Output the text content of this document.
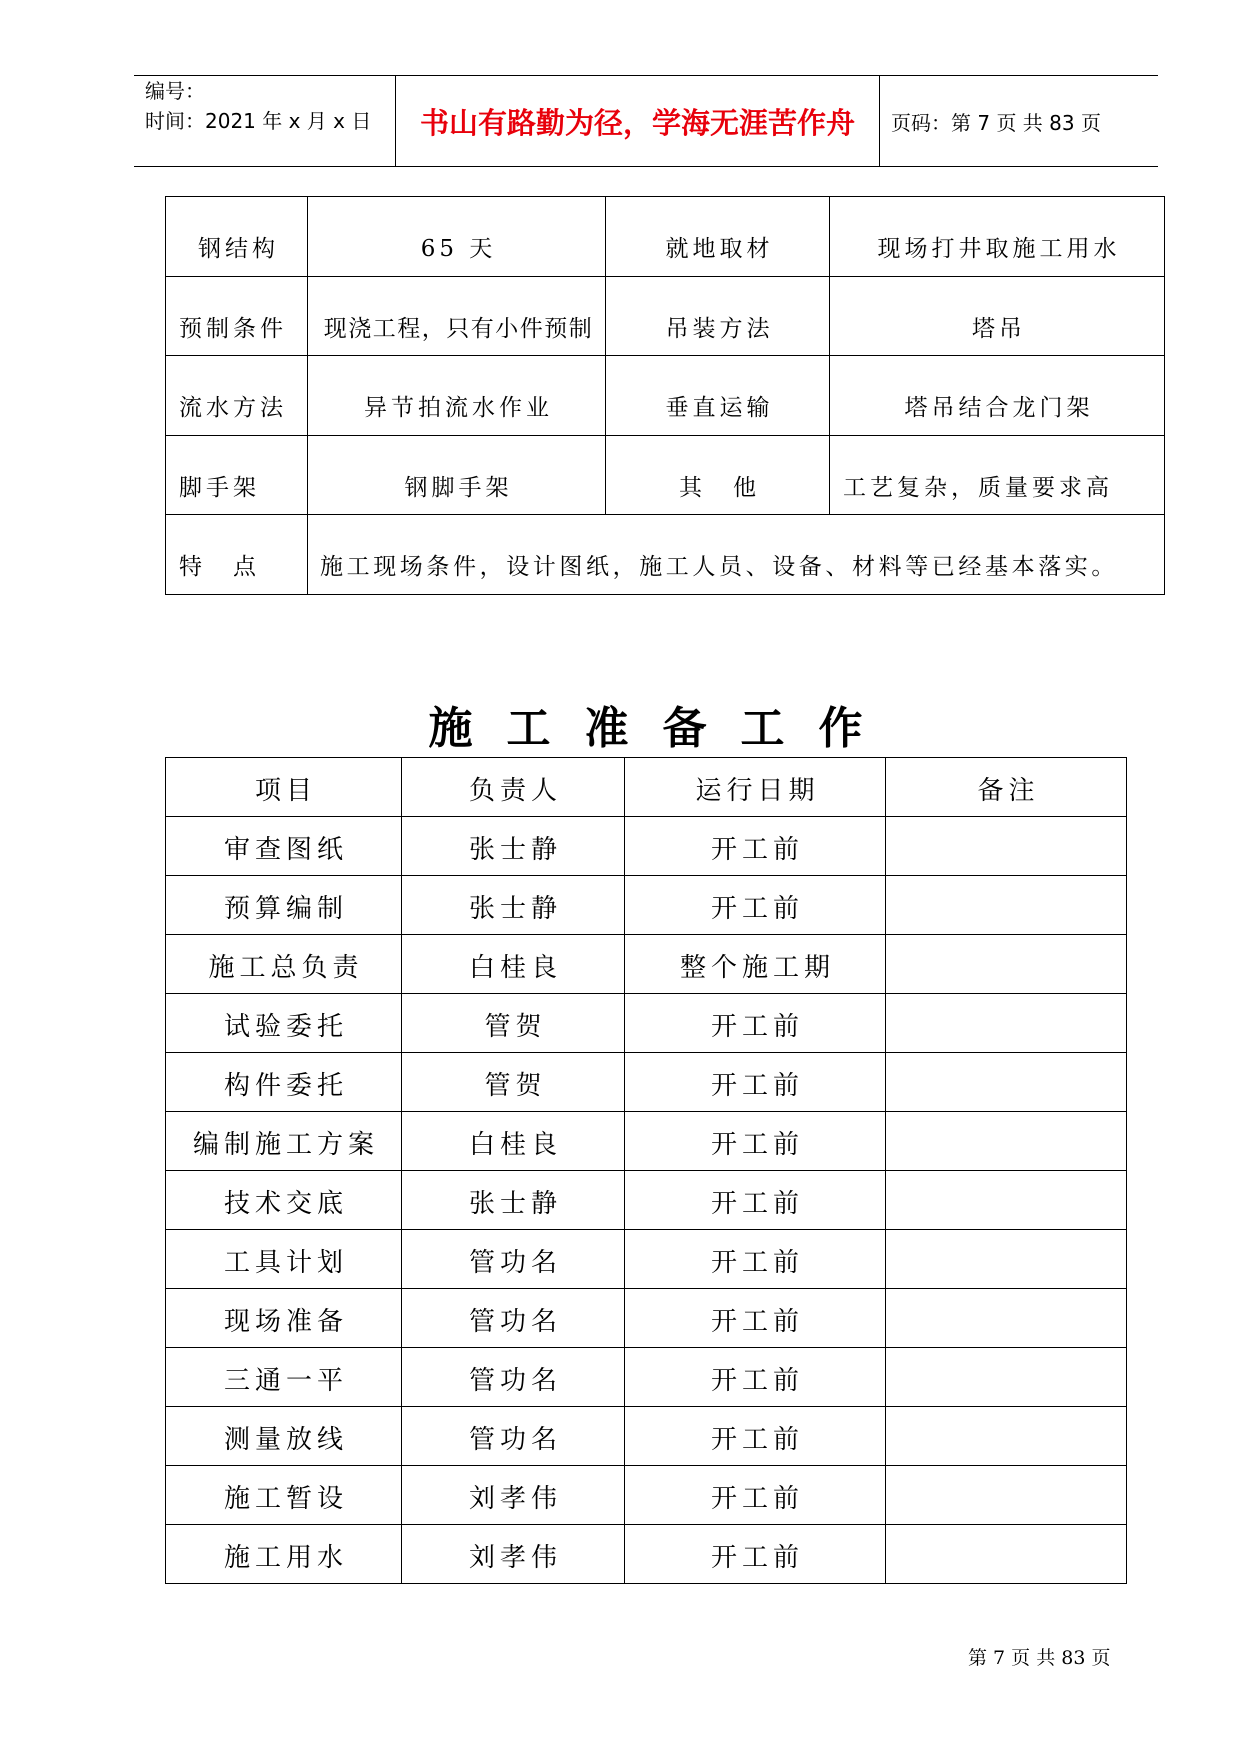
编号：
时间：2021 年 x 月 x 日	书山有路勤为径，学海无涯苦作舟	页码：第 7 页 共 83 页
钢结构	65 天	就地取材	现场打井取施工用水
预制条件	现浇工程，只有小件预制	吊装方法	塔吊
流水方法	异节拍流水作业	垂直运输	塔吊结合龙门架
脚手架	钢脚手架	其　他	工艺复杂，质量要求高
特　点	施工现场条件，设计图纸，施工人员、设备、材料等已经基本落实。		
施工准备工作
项目	负责人	运行日期	备注
审查图纸	张士静	开工前	
预算编制	张士静	开工前	
施工总负责	白桂良	整个施工期	
试验委托	管贺	开工前	
构件委托	管贺	开工前	
编制施工方案	白桂良	开工前	
技术交底	张士静	开工前	
工具计划	管功名	开工前	
现场准备	管功名	开工前	
三通一平	管功名	开工前	
测量放线	管功名	开工前	
施工暂设	刘孝伟	开工前	
施工用水	刘孝伟	开工前	
第 7 页 共 83 页
